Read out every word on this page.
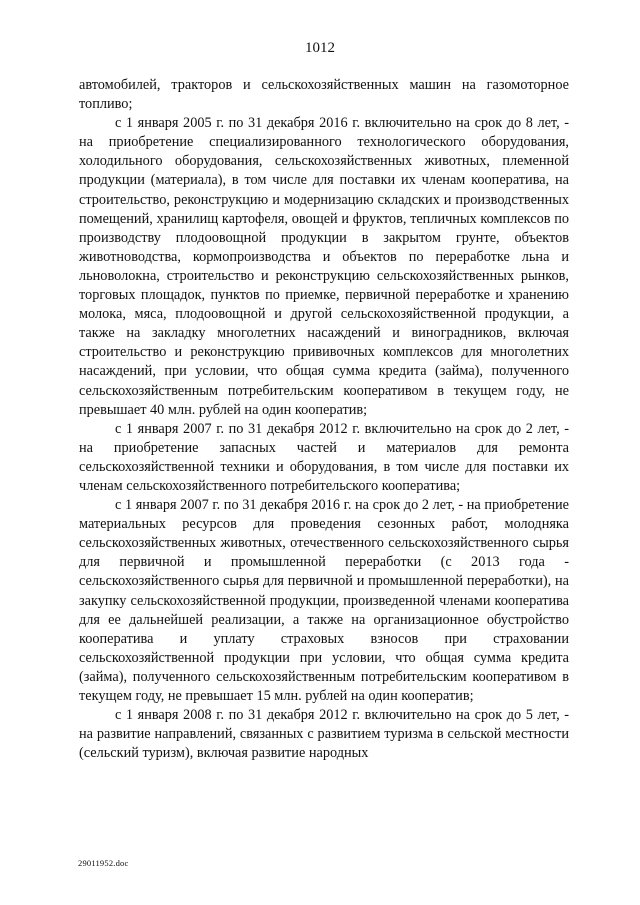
1012

автомобилей, тракторов и сельскохозяйственных машин на газомоторное топливо;

с 1 января 2005 г. по 31 декабря 2016 г. включительно на срок до 8 лет, - на приобретение специализированного технологического оборудования, холодильного оборудования, сельскохозяйственных животных, племенной продукции (материала), в том числе для поставки их членам кооператива, на строительство, реконструкцию и модернизацию складских и производственных помещений, хранилищ картофеля, овощей и фруктов, тепличных комплексов по производству плодоовощной продукции в закрытом грунте, объектов животноводства, кормопроизводства и объектов по переработке льна и льноволокна, строительство и реконструкцию сельскохозяйственных рынков, торговых площадок, пунктов по приемке, первичной переработке и хранению молока, мяса, плодоовощной и другой сельскохозяйственной продукции, а также на закладку многолетних насаждений и виноградников, включая строительство и реконструкцию прививочных комплексов для многолетних насаждений, при условии, что общая сумма кредита (займа), полученного сельскохозяйственным потребительским кооперативом в текущем году, не превышает 40 млн. рублей на один кооператив;

с 1 января 2007 г. по 31 декабря 2012 г. включительно на срок до 2 лет, - на приобретение запасных частей и материалов для ремонта сельскохозяйственной техники и оборудования, в том числе для поставки их членам сельскохозяйственного потребительского кооператива;

с 1 января 2007 г. по 31 декабря 2016 г. на срок до 2 лет, - на приобретение материальных ресурсов для проведения сезонных работ, молодняка сельскохозяйственных животных, отечественного сельскохозяйственного сырья для первичной и промышленной переработки (с 2013 года - сельскохозяйственного сырья для первичной и промышленной переработки), на закупку сельскохозяйственной продукции, произведенной членами кооператива для ее дальнейшей реализации, а также на организационное обустройство кооператива и уплату страховых взносов при страховании сельскохозяйственной продукции при условии, что общая сумма кредита (займа), полученного сельскохозяйственным потребительским кооперативом в текущем году, не превышает 15 млн. рублей на один кооператив;

с 1 января 2008 г. по 31 декабря 2012 г. включительно на срок до 5 лет, - на развитие направлений, связанных с развитием туризма в сельской местности (сельский туризм), включая развитие народных

29011952.doc
